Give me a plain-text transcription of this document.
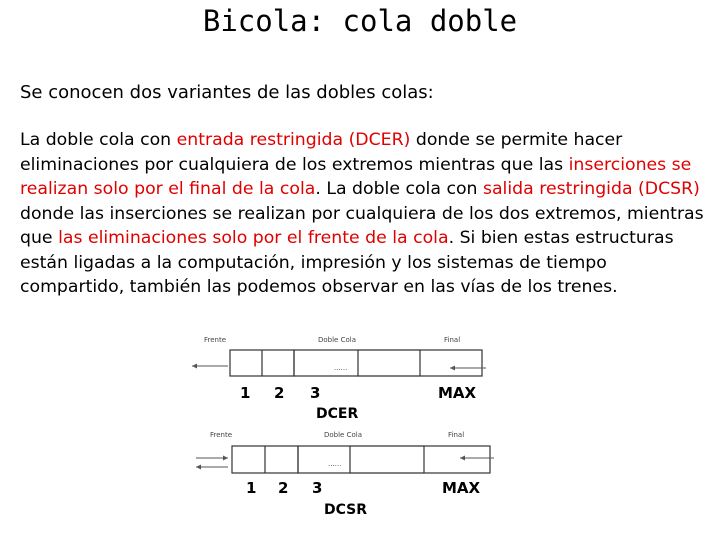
Bicola: cola doble

Se conocen dos variantes de las dobles colas:

La doble cola con entrada restringida (DCER) donde se permite hacer eliminaciones por cualquiera de los extremos mientras que las inserciones se realizan solo por el final de la cola. La doble cola con salida restringida (DCSR) donde las inserciones se realizan por cualquiera de los dos extremos, mientras que las eliminaciones solo por el frente de la cola. Si bien estas estructuras están ligadas a la computación, impresión y los sistemas de tiempo compartido, también las podemos observar en las vías de los trenes.

Frente	Doble Cola	Final
......
1 2 3	MAX
DCER
Frente	Doble Cola	Final
......
1 2 3	MAX
DCSR
